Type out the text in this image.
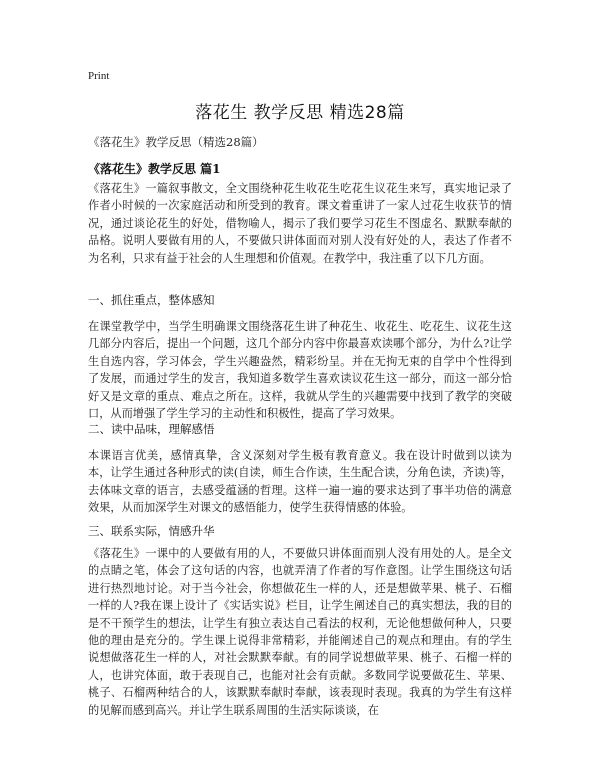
Print
落花生 教学反思 精选28篇
《落花生》教学反思（精选28篇）
《落花生》教学反思 篇1

《落花生》一篇叙事散文，全文围绕种花生收花生吃花生议花生来写，真实地记录了作者小时候的一次家庭活动和所受到的教育。课文着重讲了一家人过花生收获节的情况，通过谈论花生的好处，借物喻人，揭示了我们要学习花生不图虚名、默默奉献的品格。说明人要做有用的人，不要做只讲体面而对别人没有好处的人，表达了作者不为名利，只求有益于社会的人生理想和价值观。在教学中，我注重了以下几方面。

一、抓住重点，整体感知

在课堂教学中，当学生明确课文围绕落花生讲了种花生、收花生、吃花生、议花生这几部分内容后，提出一个问题，这几个部分内容中你最喜欢读哪个部分，为什么?让学生自选内容，学习体会，学生兴趣盎然，精彩纷呈。并在无拘无束的自学中个性得到了发展，而通过学生的发言，我知道多数学生喜欢读议花生这一部分，而这一部分恰好又是文章的重点、难点之所在。这样，我就从学生的兴趣需要中找到了教学的突破口，从而增强了学生学习的主动性和积极性，提高了学习效果。

二、读中品味，理解感悟

本课语言优美，感情真挚，含义深刻对学生极有教育意义。我在设计时做到以读为本，让学生通过各种形式的读(自读，师生合作读，生生配合读，分角色读，齐读)等，去体味文章的语言，去感受蕴涵的哲理。这样一遍一遍的要求达到了事半功倍的满意效果，从而加深学生对课文的感悟能力，使学生获得情感的体验。

三、联系实际，情感升华

《落花生》一课中的人要做有用的人，不要做只讲体面而别人没有用处的人。是全文的点睛之笔，体会了这句话的内容，也就弄清了作者的写作意图。让学生围绕这句话进行热烈地讨论。对于当今社会，你想做花生一样的人，还是想做苹果、桃子、石榴一样的人?我在课上设计了《实话实说》栏目，让学生阐述自己的真实想法，我的目的是不干预学生的想法，让学生有独立表达自己看法的权利，无论他想做何种人，只要他的理由是充分的。学生课上说得非常精彩，并能阐述自己的观点和理由。有的学生说想做落花生一样的人，对社会默默奉献。有的同学说想做苹果、桃子、石榴一样的人，也讲究体面，敢于表现自己，也能对社会有贡献。多数同学说要做花生、苹果、桃子、石榴两种结合的人，该默默奉献时奉献，该表现时表现。我真的为学生有这样的见解而感到高兴。并让学生联系周围的生活实际谈谈，在
